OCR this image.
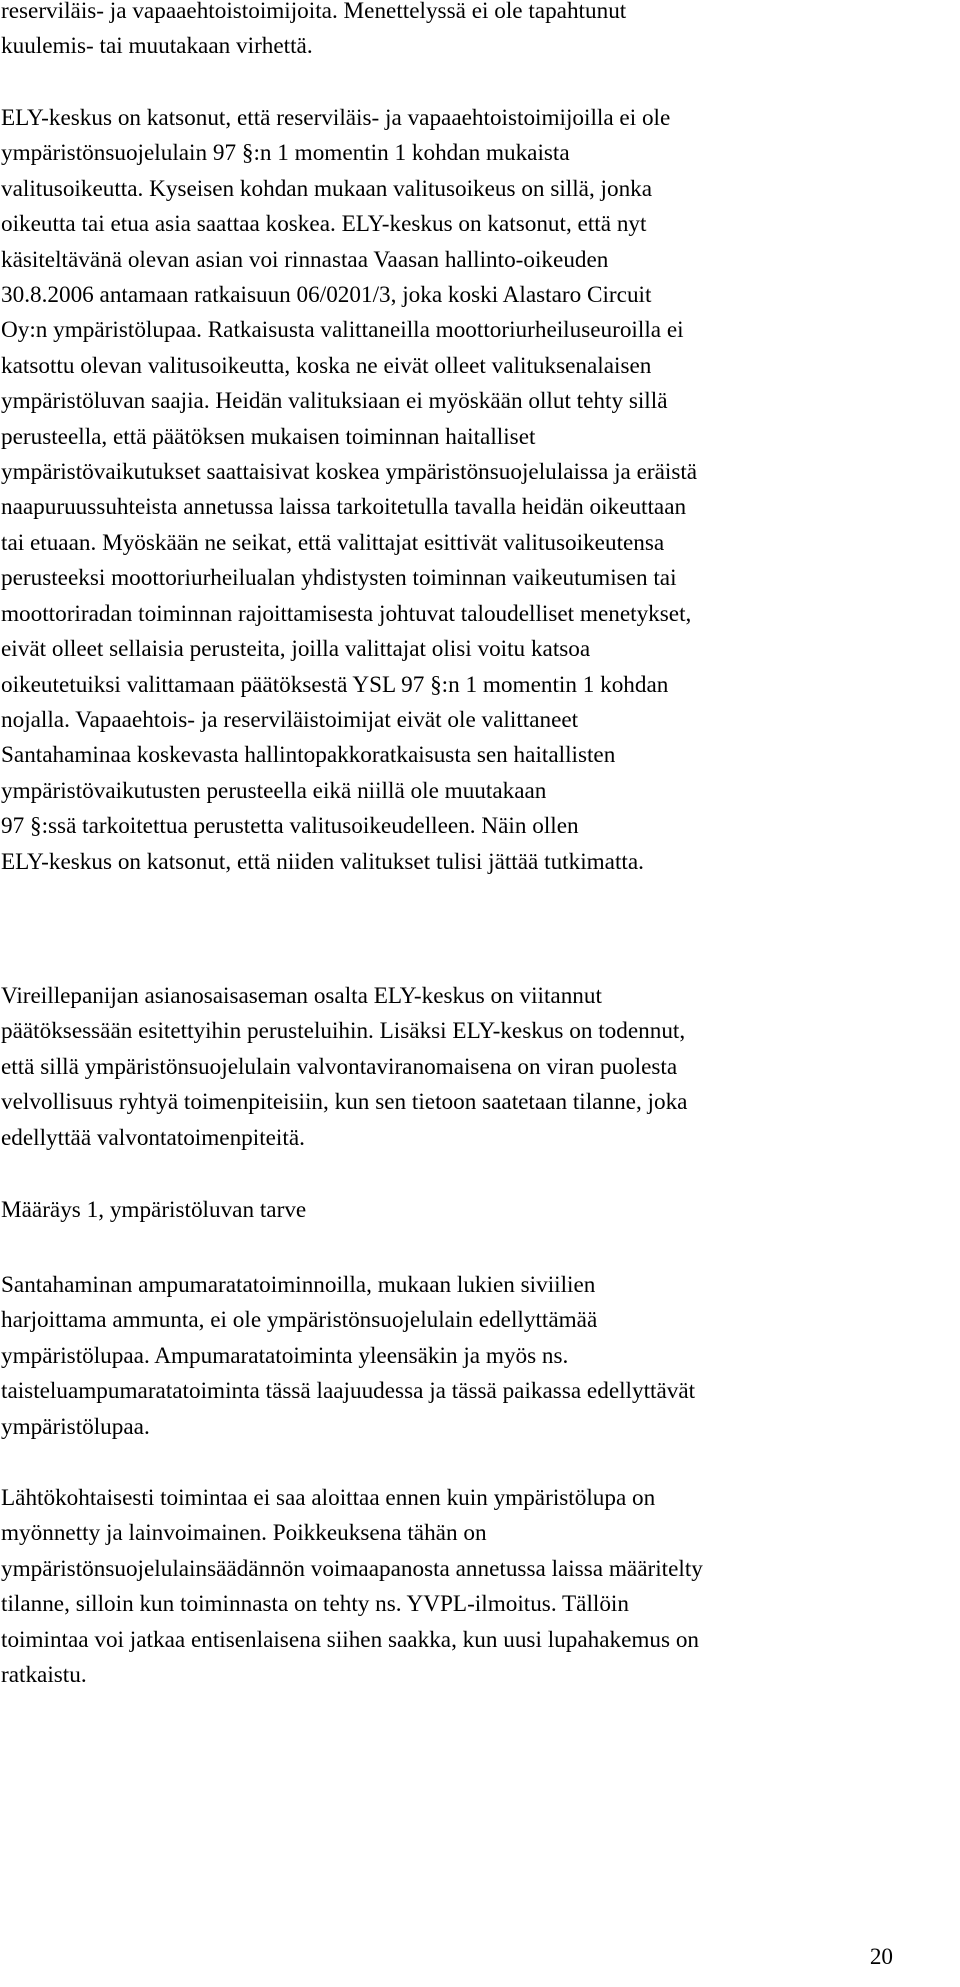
reserviläis- ja vapaaehtoistoimijoita. Menettelyssä ei ole tapahtunut
kuulemis- tai muutakaan virhettä.
ELY-keskus on katsonut, että reserviläis- ja vapaaehtoistoimijoilla ei ole
ympäristönsuojelulain 97 §:n 1 momentin 1 kohdan mukaista
valitusoikeutta. Kyseisen kohdan mukaan valitusoikeus on sillä, jonka
oikeutta tai etua asia saattaa koskea. ELY-keskus on katsonut, että nyt
käsiteltävänä olevan asian voi rinnastaa Vaasan hallinto-oikeuden
30.8.2006 antamaan ratkaisuun 06/0201/3, joka koski Alastaro Circuit
Oy:n ympäristölupaa. Ratkaisusta valittaneilla moottoriurheiluseuroilla ei
katsottu olevan valitusoikeutta, koska ne eivät olleet valituksenalaisen
ympäristöluvan saajia. Heidän valituksiaan ei myöskään ollut tehty sillä
perusteella, että päätöksen mukaisen toiminnan haitalliset
ympäristövaikutukset saattaisivat koskea ympäristönsuojelulaissa ja eräistä
naapuruussuhteista annetussa laissa tarkoitetulla tavalla heidän oikeuttaan
tai etuaan. Myöskään ne seikat, että valittajat esittivät valitusoikeutensa
perusteeksi moottoriurheilualan yhdistysten toiminnan vaikeutumisen tai
moottoriradan toiminnan rajoittamisesta johtuvat taloudelliset menetykset,
eivät olleet sellaisia perusteita, joilla valittajat olisi voitu katsoa
oikeutetuiksi valittamaan päätöksestä YSL 97 §:n 1 momentin 1 kohdan
nojalla. Vapaaehtois- ja reserviläistoimijat eivät ole valittaneet
Santahaminaa koskevasta hallintopakkoratkaisusta sen haitallisten
ympäristövaikutusten perusteella eikä niillä ole muutakaan
97 §:ssä tarkoitettua perustetta valitusoikeudelleen. Näin ollen
ELY-keskus on katsonut, että niiden valitukset tulisi jättää tutkimatta.
Vireillepanijan asianosaisaseman osalta ELY-keskus on viitannut
päätöksessään esitettyihin perusteluihin. Lisäksi ELY-keskus on todennut,
että sillä ympäristönsuojelulain valvontaviranomaisena on viran puolesta
velvollisuus ryhtyä toimenpiteisiin, kun sen tietoon saatetaan tilanne, joka
edellyttää valvontatoimenpiteitä.
Määräys 1, ympäristöluvan tarve
Santahaminan ampumaratatoiminnoilla, mukaan lukien siviilien
harjoittama ammunta, ei ole ympäristönsuojelulain edellyttämää
ympäristölupaa. Ampumaratatoiminta yleensäkin ja myös ns.
taisteluampumaratatoiminta tässä laajuudessa ja tässä paikassa edellyttävät
ympäristölupaa.
Lähtökohtaisesti toimintaa ei saa aloittaa ennen kuin ympäristölupa on
myönnetty ja lainvoimainen. Poikkeuksena tähän on
ympäristönsuojelulainsäädännön voimaapanosta annetussa laissa määritelty
tilanne, silloin kun toiminnasta on tehty ns. YVPL-ilmoitus. Tällöin
toimintaa voi jatkaa entisenlaisena siihen saakka, kun uusi lupahakemus on
ratkaistu.
20
